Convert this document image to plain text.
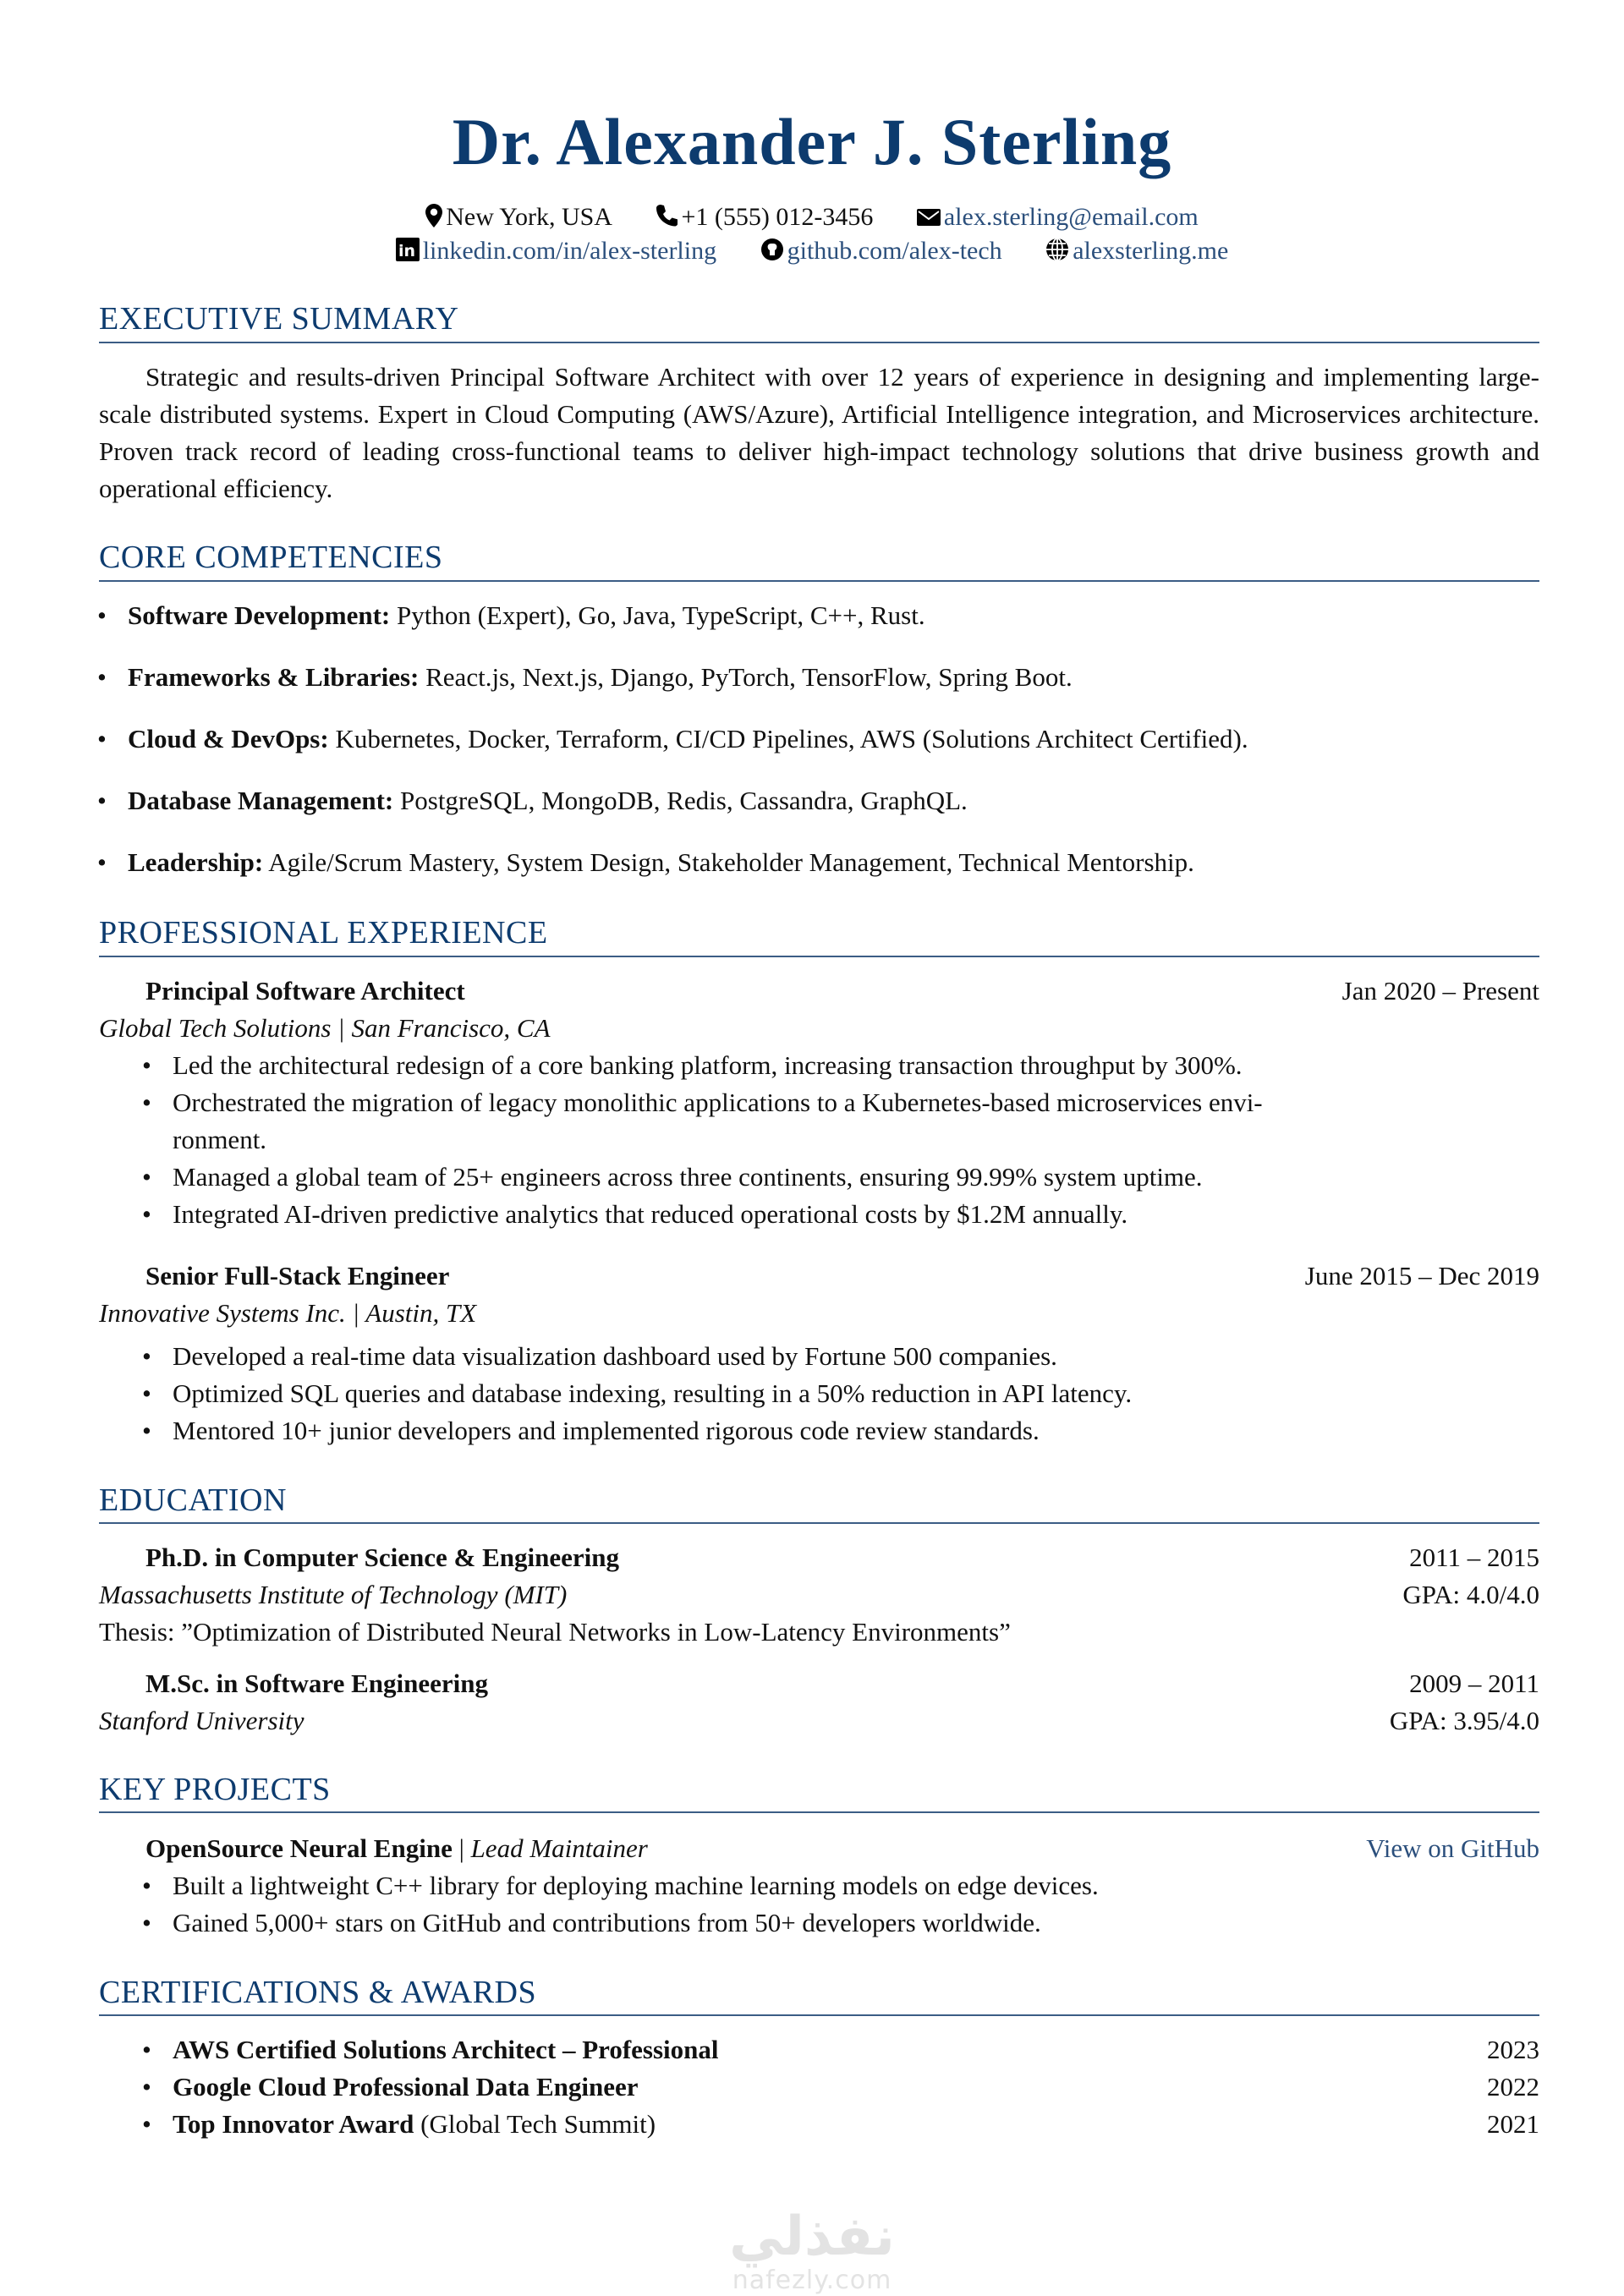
Dr. Alexander J. Sterling
New York, USA	+1 (555) 012-3456	alex.sterling@email.com
in linkedin.com/in/alex-sterling	github.com/alex-tech	alexsterling.me
EXECUTIVE SUMMARY
Strategic and results-driven Principal Software Architect with over 12 years of experience in designing and implementing large-scale distributed systems. Expert in Cloud Computing (AWS/Azure), Artificial Intelligence integration, and Microservices architecture. Proven track record of leading cross-functional teams to deliver high-impact technology solutions that drive business growth and operational efficiency.
CORE COMPETENCIES
• Software Development: Python (Expert), Go, Java, TypeScript, C++, Rust.
• Frameworks & Libraries: React.js, Next.js, Django, PyTorch, TensorFlow, Spring Boot.
• Cloud & DevOps: Kubernetes, Docker, Terraform, CI/CD Pipelines, AWS (Solutions Architect Certified).
• Database Management: PostgreSQL, MongoDB, Redis, Cassandra, GraphQL.
• Leadership: Agile/Scrum Mastery, System Design, Stakeholder Management, Technical Mentorship.
PROFESSIONAL EXPERIENCE
Principal Software Architect	Jan 2020 – Present
Global Tech Solutions | San Francisco, CA
• Led the architectural redesign of a core banking platform, increasing transaction throughput by 300%.
• Orchestrated the migration of legacy monolithic applications to a Kubernetes-based microservices envi-
ronment.
• Managed a global team of 25+ engineers across three continents, ensuring 99.99% system uptime.
• Integrated AI-driven predictive analytics that reduced operational costs by $1.2M annually.
Senior Full-Stack Engineer	June 2015 – Dec 2019
Innovative Systems Inc. | Austin, TX
• Developed a real-time data visualization dashboard used by Fortune 500 companies.
• Optimized SQL queries and database indexing, resulting in a 50% reduction in API latency.
• Mentored 10+ junior developers and implemented rigorous code review standards.
EDUCATION
Ph.D. in Computer Science & Engineering	2011 – 2015
Massachusetts Institute of Technology (MIT)	GPA: 4.0/4.0
Thesis: ”Optimization of Distributed Neural Networks in Low-Latency Environments”
M.Sc. in Software Engineering	2009 – 2011
Stanford University	GPA: 3.95/4.0
KEY PROJECTS
OpenSource Neural Engine | Lead Maintainer	View on GitHub
• Built a lightweight C++ library for deploying machine learning models on edge devices.
• Gained 5,000+ stars on GitHub and contributions from 50+ developers worldwide.
CERTIFICATIONS & AWARDS
• AWS Certified Solutions Architect – Professional	2023
• Google Cloud Professional Data Engineer	2022
• Top Innovator Award (Global Tech Summit)	2021
نفذلي
nafezly.com
